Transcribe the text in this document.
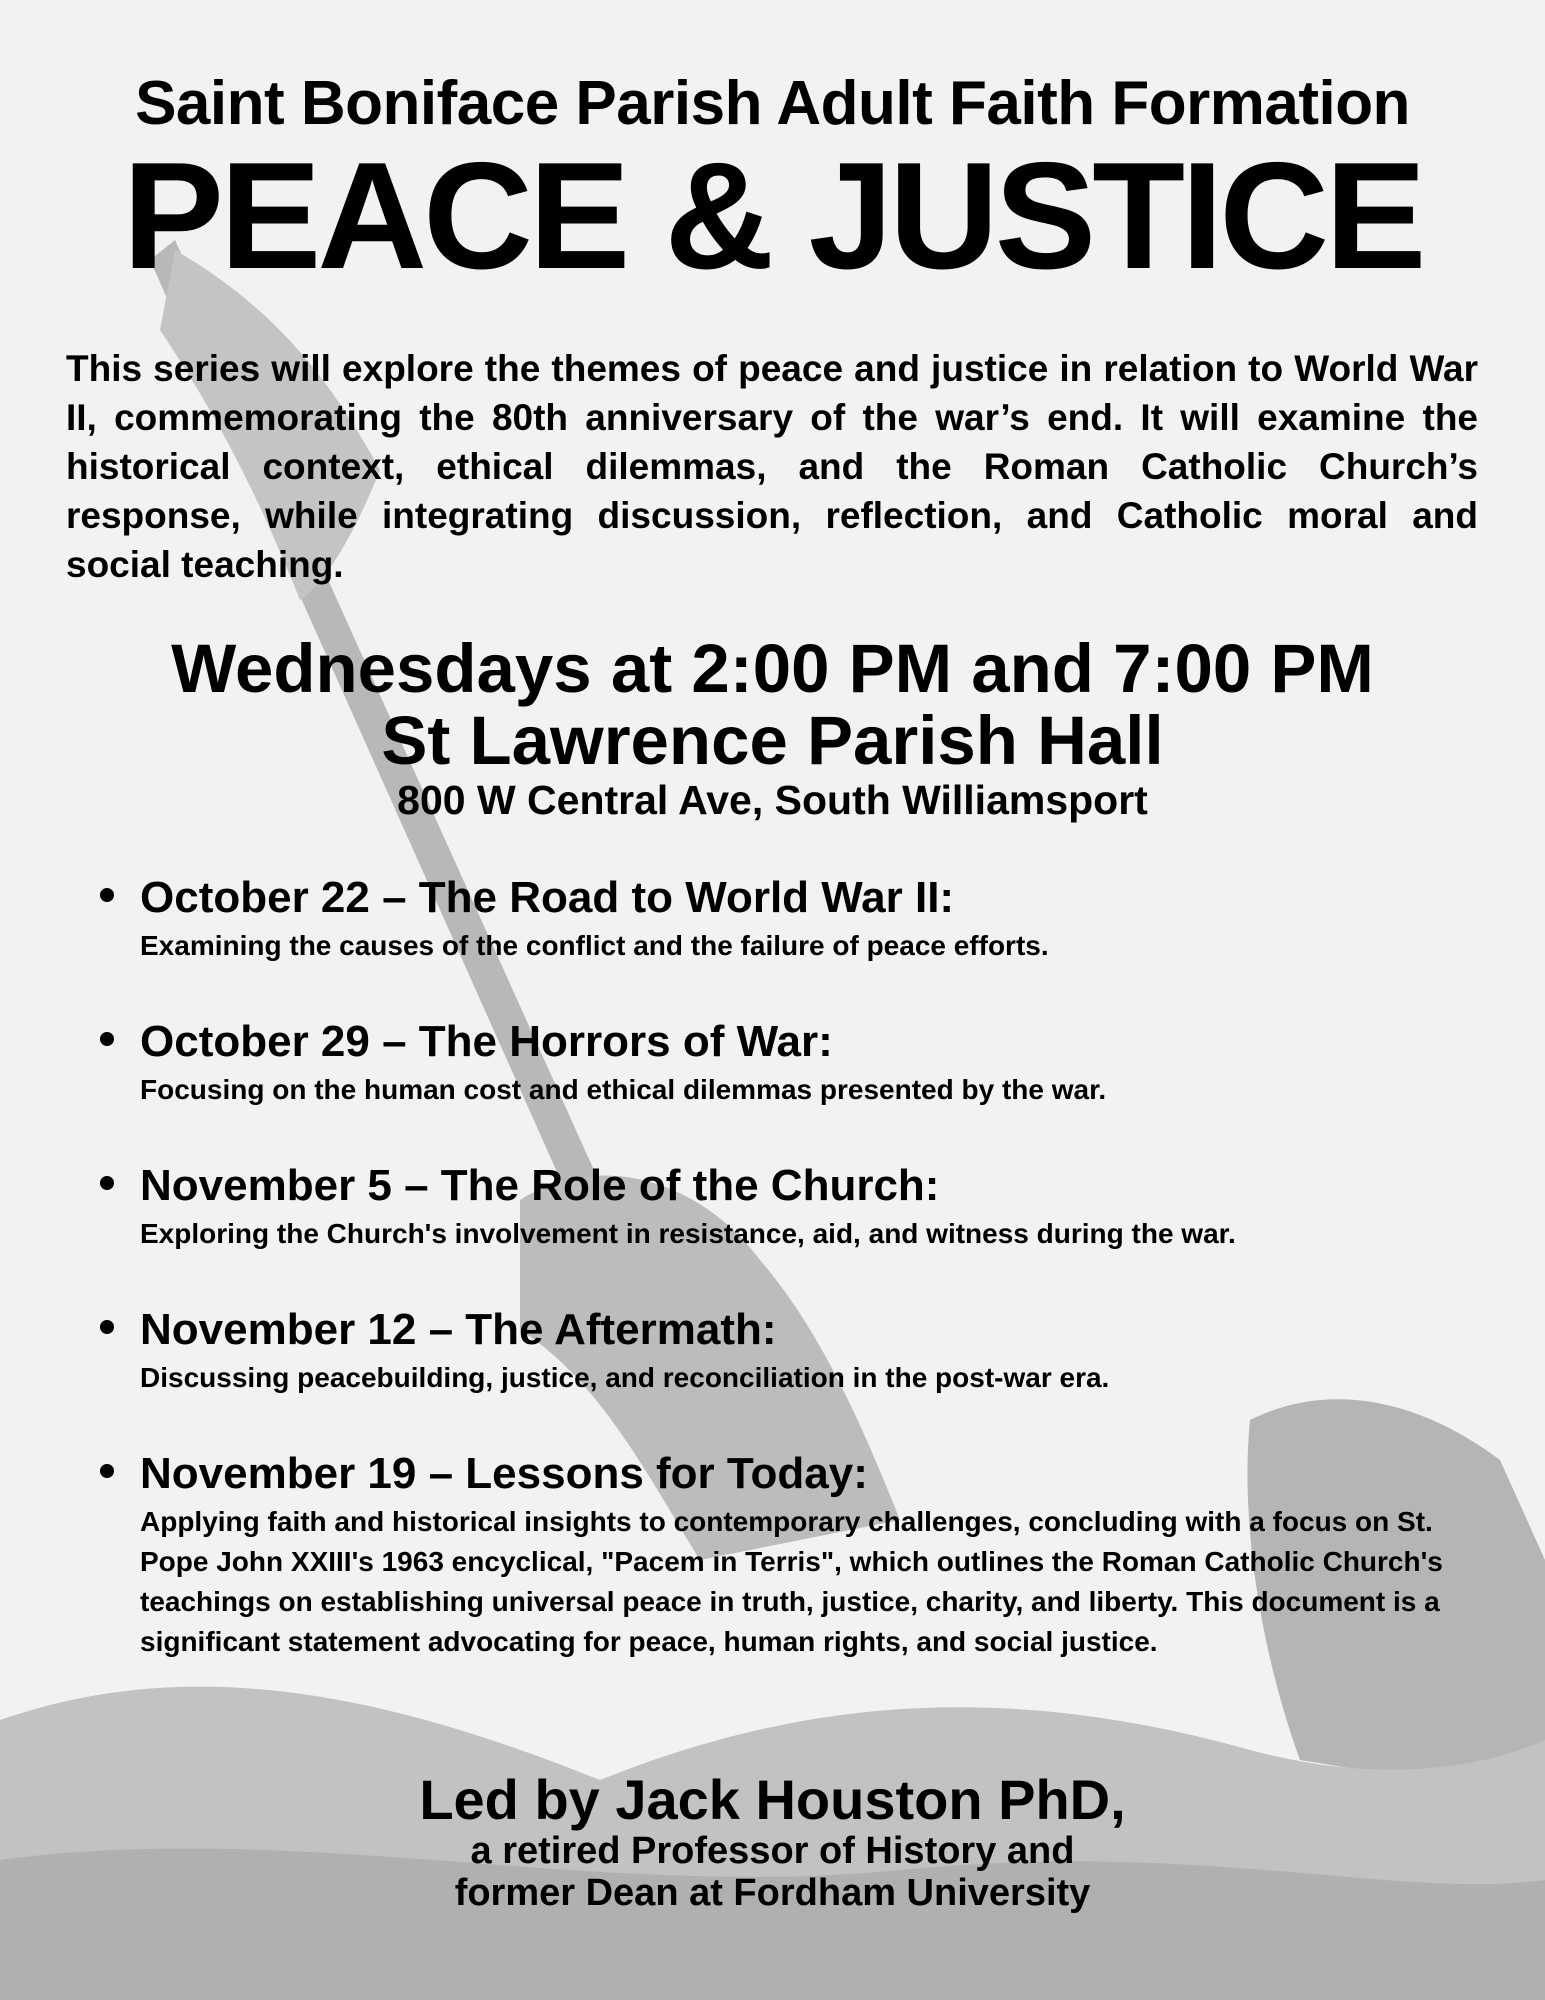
Saint Boniface Parish Adult Faith Formation
PEACE & JUSTICE
This series will explore the themes of peace and justice in relation to World War II, commemorating the 80th anniversary of the war’s end. It will examine the historical context, ethical dilemmas, and the Roman Catholic Church’s response, while integrating discussion, reflection, and Catholic moral and social teaching.
Wednesdays at 2:00 PM and 7:00 PM
St Lawrence Parish Hall
800 W Central Ave, South Williamsport
October 22 – The Road to World War II:
Examining the causes of the conflict and the failure of peace efforts.
October 29 – The Horrors of War:
Focusing on the human cost and ethical dilemmas presented by the war.
November 5 – The Role of the Church:
Exploring the Church's involvement in resistance, aid, and witness during the war.
November 12 – The Aftermath:
Discussing peacebuilding, justice, and reconciliation in the post-war era.
November 19 – Lessons for Today:
Applying faith and historical insights to contemporary challenges, concluding with a focus on St. Pope John XXIII's 1963 encyclical, "Pacem in Terris", which outlines the Roman Catholic Church's teachings on establishing universal peace in truth, justice, charity, and liberty. This document is a significant statement advocating for peace, human rights, and social justice.
Led by Jack Houston PhD,
a retired Professor of History and
former Dean at Fordham University
